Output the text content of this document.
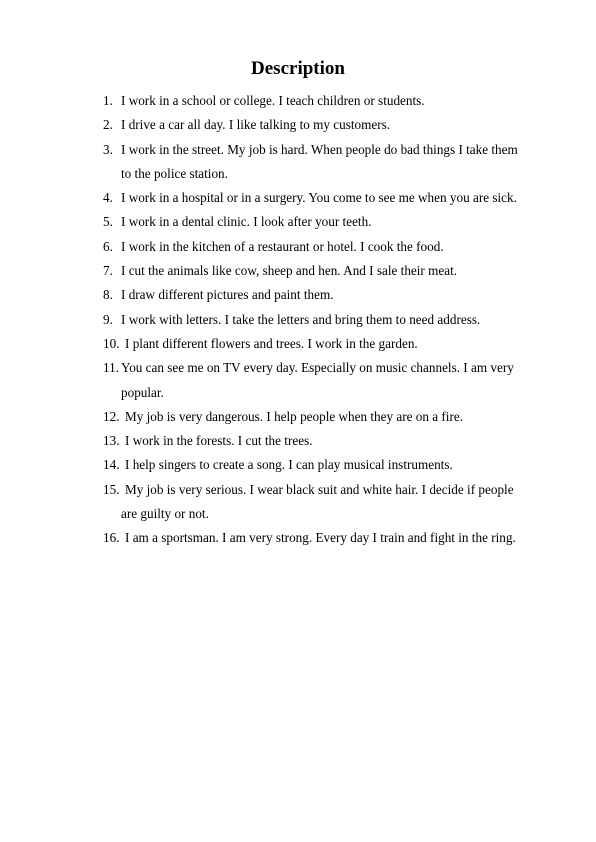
Description
1. I work in a school or college. I teach children or students.
2. I drive a car all day. I like talking to my customers.
3. I work in the street. My job is hard. When people do bad things I take them
to the police station.
4. I work in a hospital or in a surgery. You come to see me when you are sick.
5. I work in a dental clinic. I look after your teeth.
6. I work in the kitchen of a restaurant or hotel. I cook the food.
7. I cut the animals like cow, sheep and hen. And I sale their meat.
8. I draw different pictures and paint them.
9. I work with letters. I take the letters and bring them to need address.
10. I plant different flowers and trees. I work in the garden.
11. You can see me on TV every day. Especially on music channels. I am very
popular.
12. My job is very dangerous. I help people when they are on a fire.
13. I work in the forests. I cut the trees.
14. I help singers to create a song. I can play musical instruments.
15. My job is very serious. I wear black suit and white hair. I decide if people
are guilty or not.
16. I am a sportsman. I am very strong. Every day I train and fight in the ring.
